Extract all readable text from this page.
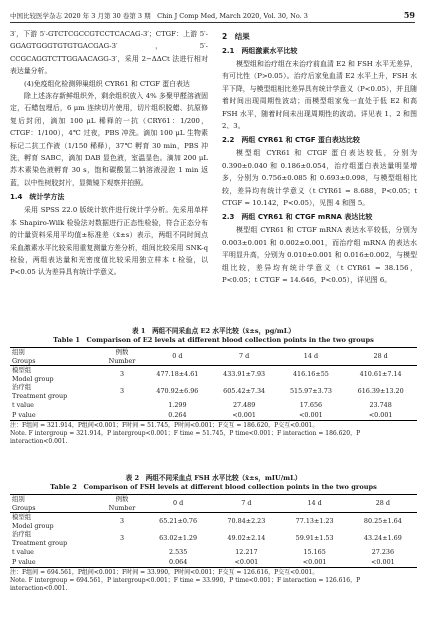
中国比较医学杂志 2020 年 3 月第 30 卷第 3 期　Chin J Comp Med, March 2020, Vol. 30, No. 3	59

3′，下游 5′-GTCTCGCCGTCCTCACAG-3′；CTGF：上游 5′-GGAGTGGGTGTGTGACGAG-3′，5′-CCGCAGGTCTTGGAACAGG-3′，采用 2−ΔΔCt 法进行相对表达量分析。

(4)免疫组化检测卵巢组织 CYR61 和 CTGF 蛋白表达

除上述冻存新鲜组织外，剩余组织放入 4% 多聚甲醛溶液固定，石蜡包埋后，6 μm 连续切片使用，切片组织脱蜡、抗原修复后封闭，滴加 100 μL 稀释的一抗（CRY61：1/200，CTGF：1/100），4℃ 过夜，PBS 冲洗。滴加 100 μL 生物素标记二抗工作液（1/150 稀释），37℃ 孵育 30 min，PBS 冲洗，孵育 SABC，滴加 DAB 显色液，室温显色。滴加 200 μL 苏木素染色液孵育 30 s，饱和碳酸氢二钠溶液浸泡 1 min 返蓝，以中性树胶封片，显微镜下观察并拍照。

1.4　统计学方法

采用 SPSS 22.0 版统计软件进行统计学分析。先采用单样本 Shapiro-Wilk 检验法对数据进行正态性检验，符合正态分布的计量资料采用平均值±标准差（x̄±s）表示，两组不同时间点采血激素水平比较采用重复测量方差分析，组间比较采用 SNK-q 检验，两组表达量和光密度值比较采用独立样本 t 检验，以 P<0.05 认为差异具有统计学意义。

2　结果
2.1　两组激素水平比较

模型组和治疗组在未治疗前血清 E2 和 FSH 水平无差异，有可比性（P>0.05）。治疗后家兔血清 E2 水平上升，FSH 水平下降，与模型组相比差异具有统计学意义（P<0.05），并且随着时间出现周期性波动；而模型组家兔一直处于低 E2 和高 FSH 水平，随着时间未出现周期性的波动。详见表 1、2 和图 2、3。

2.2　两组 CYR61 和 CTGF 蛋白表达比较

模型组 CYR61 和 CTGF 蛋白表达较低，分别为 0.390±0.040 和 0.186±0.054，治疗组蛋白表达量明显增多，分别为 0.756±0.085 和 0.693±0.098，与模型组相比较，差异均有统计学意义（t CYR61 = 8.688，P<0.05；t CTGF = 10.142，P<0.05），见图 4 和图 5。

2.3　两组 CYR61 和 CTGF mRNA 表达比较

模型组 CYR61 和 CTGF mRNA 表达水平较低，分别为 0.003±0.001 和 0.002±0.001，而治疗组 mRNA 的表达水平明显升高，分别为 0.010±0.001 和 0.016±0.002，与模型组比较，差异均有统计学意义（t CYR61 = 38.156，P<0.05；t CTGF = 14.646，P<0.05），详见图 6。

表 1　两组不同采血点 E2 水平比较（x̄±s，pg/mL）
Table 1　Comparison of E2 levels at different blood collection points in the two groups
组别
Groups	例数
Number	0 d	7 d	14 d	28 d
模型组
Model group	3	477.18±4.61	433.91±7.93	416.16±55	410.61±7.14
治疗组
Treatment group	3	470.92±6.96	605.42±7.34	515.97±3.73	616.39±13.20
t value		1.299	27.489	17.656	23.748
P value		0.264	<0.001	<0.001	<0.001
注：F组间 = 321.914，P组间<0.001；F时间 = 51.745，P时间<0.001；F交互 = 186.620，P交互<0.001。
Note. F intergroup = 321.914，P intergroup<0.001；F time = 51.745，P time<0.001；F interaction = 186.620，P interaction<0.001.
表 2　两组不同采血点 FSH 水平比较（x̄±s，mIU/mL）
Table 2　Comparison of FSH levels at different blood collection points in the two groups
组别
Groups	例数
Number	0 d	7 d	14 d	28 d
模型组
Model group	3	65.21±0.76	70.84±2.23	77.13±1.23	80.25±1.64
治疗组
Treatment group	3	63.02±1.29	49.02±2.14	59.91±1.53	43.24±1.69
t value		2.535	12.217	15.165	27.236
P value		0.064	<0.001	<0.001	<0.001
注：F组间 = 694.561，P组间<0.001；F时间 = 33.990，P时间<0.001；F交互 = 126.616，P交互<0.001。
Note. F intergroup = 694.561，P intergroup<0.001；F time = 33.990，P time<0.001；F interaction = 126.616，P interaction<0.001.
